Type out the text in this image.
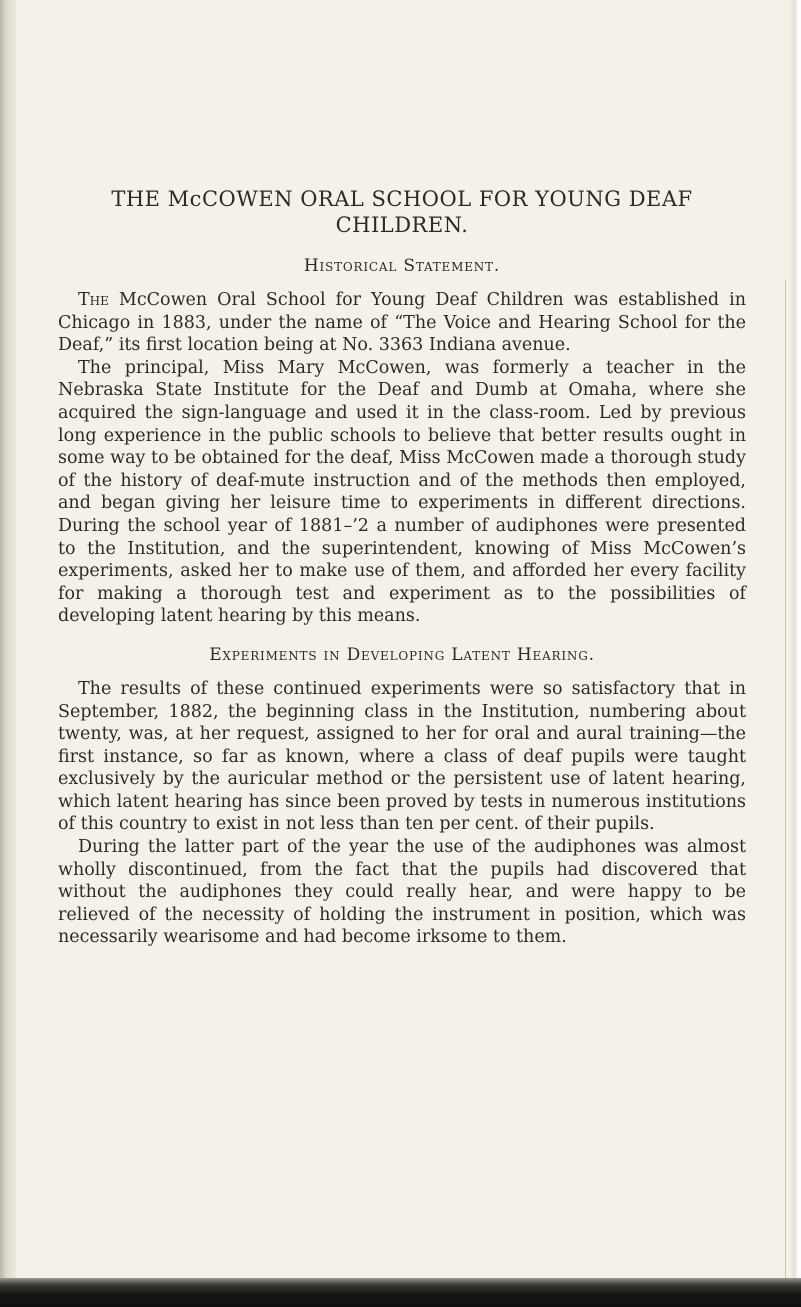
THE McCOWEN ORAL SCHOOL FOR YOUNG DEAF CHILDREN.
Historical Statement.

The McCowen Oral School for Young Deaf Children was established in Chicago in 1883, under the name of “The Voice and Hearing School for the Deaf,” its first location being at No. 3363 Indiana avenue.

The principal, Miss Mary McCowen, was formerly a teacher in the Nebraska State Institute for the Deaf and Dumb at Omaha, where she acquired the sign-language and used it in the class-room. Led by previous long experience in the public schools to believe that better results ought in some way to be obtained for the deaf, Miss McCowen made a thorough study of the history of deaf-mute instruction and of the methods then employed, and began giving her leisure time to experiments in different directions. During the school year of 1881–’2 a number of audiphones were presented to the Institution, and the superintendent, knowing of Miss McCowen’s experiments, asked her to make use of them, and afforded her every facility for making a thorough test and experiment as to the possibilities of developing latent hearing by this means.

Experiments in Developing Latent Hearing.

The results of these continued experiments were so satisfactory that in September, 1882, the beginning class in the Institution, numbering about twenty, was, at her request, assigned to her for oral and aural training—the first instance, so far as known, where a class of deaf pupils were taught exclusively by the auricular method or the persistent use of latent hearing, which latent hearing has since been proved by tests in numerous institutions of this country to exist in not less than ten per cent. of their pupils.

During the latter part of the year the use of the audiphones was almost wholly discontinued, from the fact that the pupils had discovered that without the audiphones they could really hear, and were happy to be relieved of the necessity of holding the instrument in position, which was necessarily wearisome and had become irksome to them.
